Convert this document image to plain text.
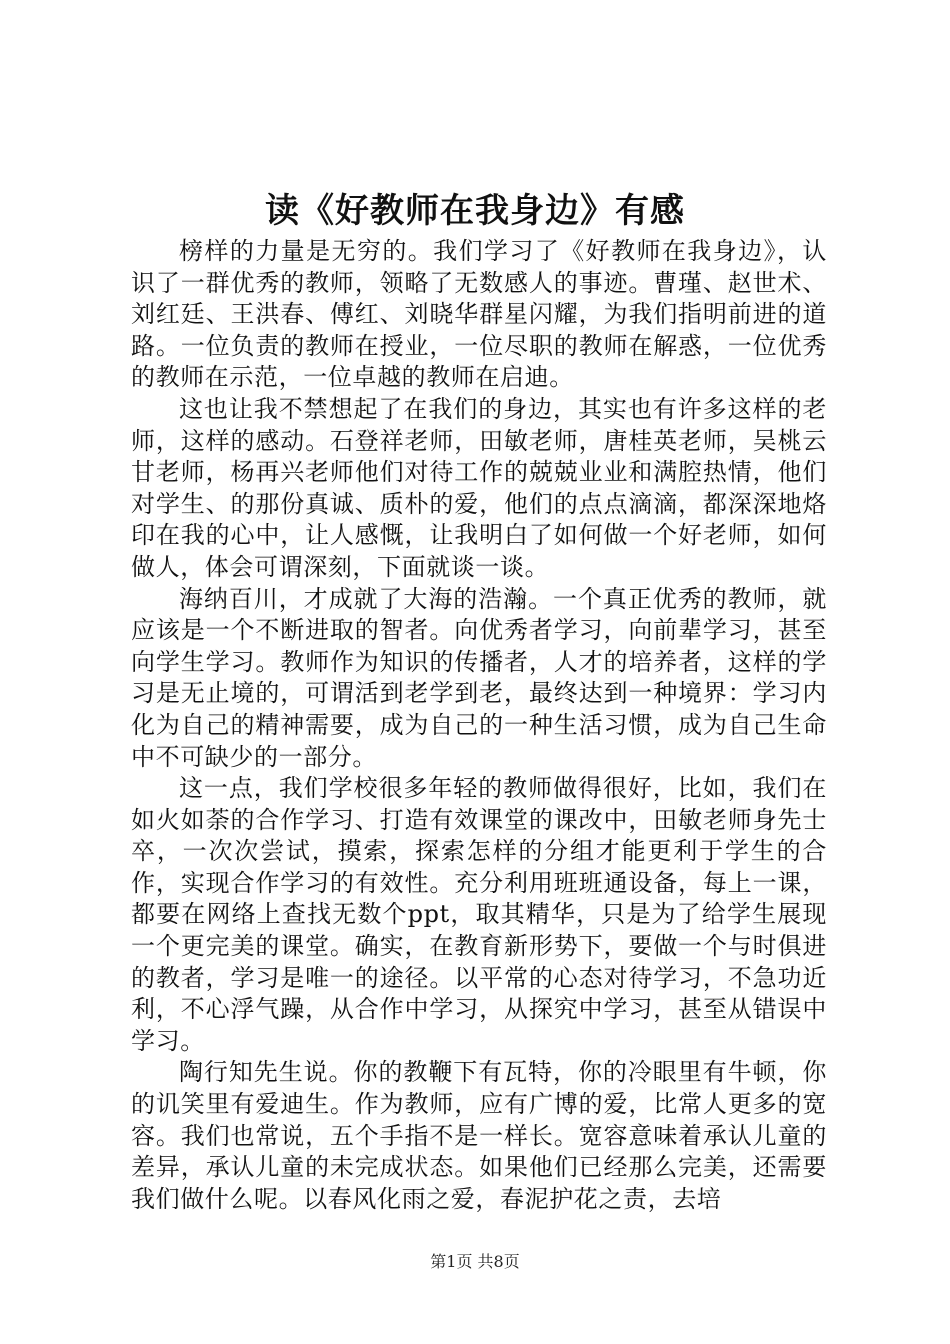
读《好教师在我身边》有感

榜样的力量是无穷的。我们学习了《好教师在我身边》，认识了一群优秀的教师，领略了无数感人的事迹。曹瑾、赵世术、刘红廷、王洪春、傅红、刘晓华群星闪耀，为我们指明前进的道路。一位负责的教师在授业，一位尽职的教师在解惑，一位优秀的教师在示范，一位卓越的教师在启迪。

这也让我不禁想起了在我们的身边，其实也有许多这样的老师，这样的感动。石登祥老师，田敏老师，唐桂英老师，吴桃云甘老师，杨再兴老师他们对待工作的兢兢业业和满腔热情，他们对学生、的那份真诚、质朴的爱，他们的点点滴滴，都深深地烙印在我的心中，让人感慨，让我明白了如何做一个好老师，如何做人，体会可谓深刻，下面就谈一谈。

海纳百川，才成就了大海的浩瀚。一个真正优秀的教师，就应该是一个不断进取的智者。向优秀者学习，向前辈学习，甚至向学生学习。教师作为知识的传播者，人才的培养者，这样的学习是无止境的，可谓活到老学到老，最终达到一种境界：学习内化为自己的精神需要，成为自己的一种生活习惯，成为自己生命中不可缺少的一部分。

这一点，我们学校很多年轻的教师做得很好，比如，我们在如火如荼的合作学习、打造有效课堂的课改中，田敏老师身先士卒，一次次尝试，摸索，探索怎样的分组才能更利于学生的合作，实现合作学习的有效性。充分利用班班通设备，每上一课，都要在网络上查找无数个ppt，取其精华，只是为了给学生展现一个更完美的课堂。确实，在教育新形势下，要做一个与时俱进的教者，学习是唯一的途径。以平常的心态对待学习，不急功近利，不心浮气躁，从合作中学习，从探究中学习，甚至从错误中学习。

陶行知先生说。你的教鞭下有瓦特，你的冷眼里有牛顿，你的讥笑里有爱迪生。作为教师，应有广博的爱，比常人更多的宽容。我们也常说，五个手指不是一样长。宽容意味着承认儿童的差异，承认儿童的未完成状态。如果他们已经那么完美，还需要我们做什么呢。以春风化雨之爱，春泥护花之责，去培

第1页 共8页
